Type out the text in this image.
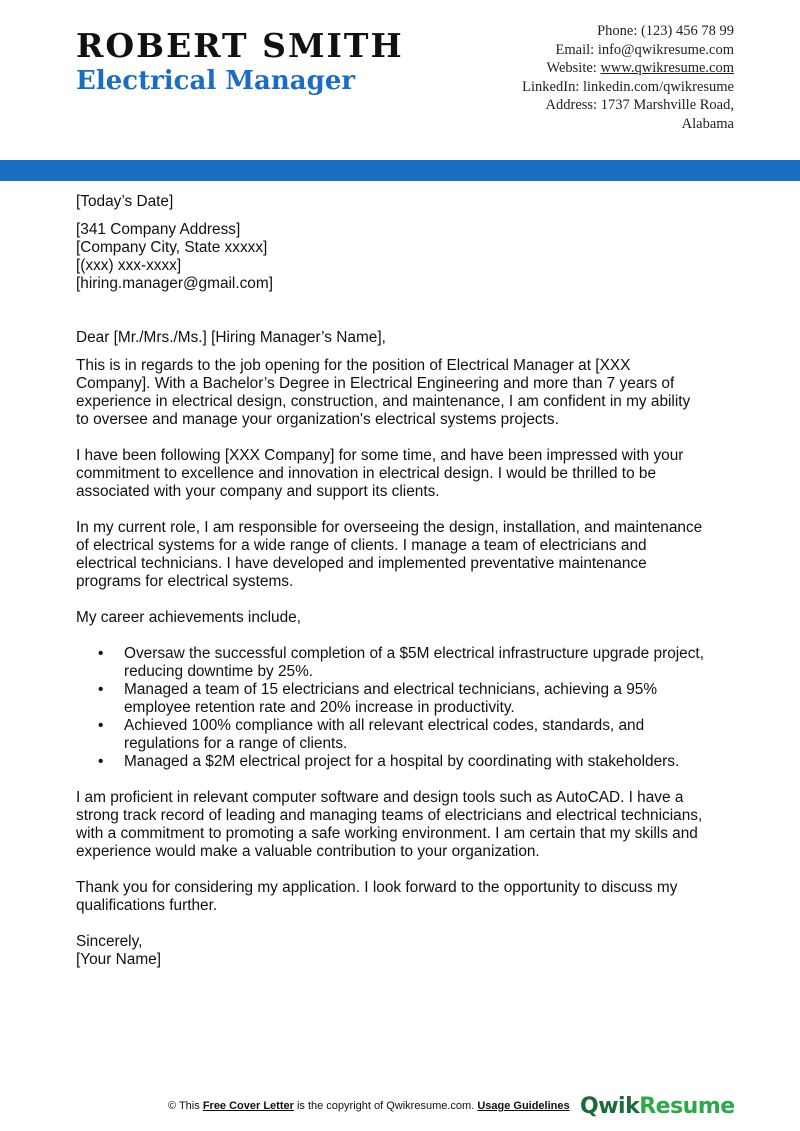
ROBERT SMITH
Electrical Manager
Phone: (123) 456 78 99
Email: info@qwikresume.com
Website: www.qwikresume.com
LinkedIn: linkedin.com/qwikresume
Address: 1737 Marshville Road,
Alabama

[Today’s Date]

[341 Company Address]

[Company City, State xxxxx]

[(xxx) xxx-xxxx]

[hiring.manager@gmail.com]

Dear [Mr./Mrs./Ms.] [Hiring Manager’s Name],

This is in regards to the job opening for the position of Electrical Manager at [XXX

Company]. With a Bachelor’s Degree in Electrical Engineering and more than 7 years of

experience in electrical design, construction, and maintenance, I am confident in my ability

to oversee and manage your organization's electrical systems projects.

I have been following [XXX Company] for some time, and have been impressed with your

commitment to excellence and innovation in electrical design. I would be thrilled to be

associated with your company and support its clients.

In my current role, I am responsible for overseeing the design, installation, and maintenance

of electrical systems for a wide range of clients. I manage a team of electricians and

electrical technicians. I have developed and implemented preventative maintenance

programs for electrical systems.

My career achievements include,

• Oversaw the successful completion of a $5M electrical infrastructure upgrade project,

reducing downtime by 25%.

• Managed a team of 15 electricians and electrical technicians, achieving a 95%

employee retention rate and 20% increase in productivity.

• Achieved 100% compliance with all relevant electrical codes, standards, and

regulations for a range of clients.

• Managed a $2M electrical project for a hospital by coordinating with stakeholders.

I am proficient in relevant computer software and design tools such as AutoCAD. I have a

strong track record of leading and managing teams of electricians and electrical technicians,

with a commitment to promoting a safe working environment. I am certain that my skills and

experience would make a valuable contribution to your organization.

Thank you for considering my application. I look forward to the opportunity to discuss my

qualifications further.

Sincerely,

[Your Name]

© This Free Cover Letter is the copyright of Qwikresume.com. Usage Guidelines QwikResume
